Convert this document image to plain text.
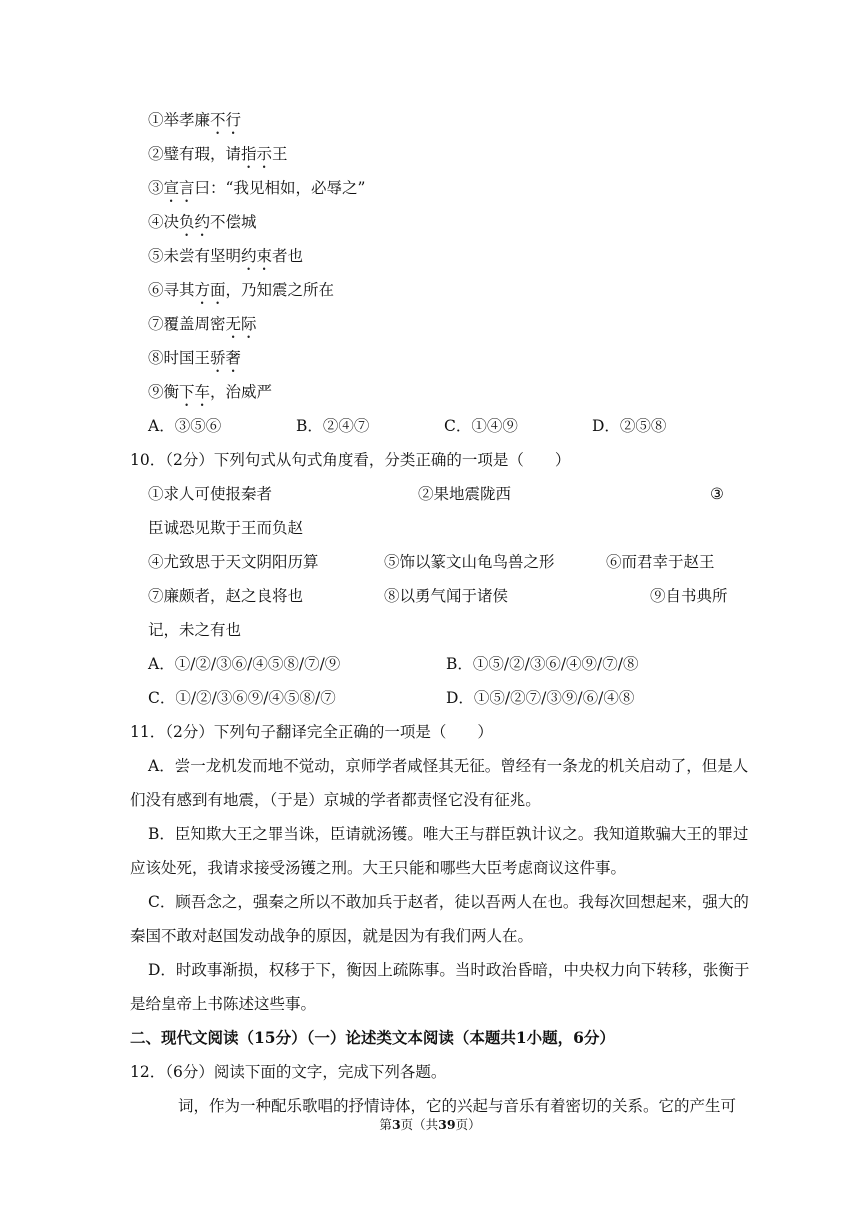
①举孝廉不行
②璧有瑕，请指示王
③宣言曰：“我见相如，必辱之”
④决负约不偿城
⑤未尝有坚明约束者也
⑥寻其方面，乃知震之所在
⑦覆盖周密无际
⑧时国王骄奢
⑨衡下车，治威严
A．③⑤⑥	B．②④⑦	C．①④⑨	D．②⑤⑧
10．（2分）下列句式从句式角度看，分类正确的一项是（　　）
①求人可使报秦者	②果地震陇西	③
臣诚恐见欺于王而负赵
④尤致思于天文阴阳历算	⑤饰以篆文山龟鸟兽之形	⑥而君幸于赵王
⑦廉颇者，赵之良将也	⑧以勇气闻于诸侯	⑨自书典所
记，未之有也
A．①/②/③⑥/④⑤⑧/⑦/⑨	B．①⑤/②/③⑥/④⑨/⑦/⑧
C．①/②/③⑥⑨/④⑤⑧/⑦	D．①⑤/②⑦/③⑨/⑥/④⑧
11．（2分）下列句子翻译完全正确的一项是（　　）
A．尝一龙机发而地不觉动，京师学者咸怪其无征。曾经有一条龙的机关启动了，但是人
们没有感到有地震，（于是）京城的学者都责怪它没有征兆。
B．臣知欺大王之罪当诛，臣请就汤镬。唯大王与群臣孰计议之。我知道欺骗大王的罪过
应该处死，我请求接受汤镬之刑。大王只能和哪些大臣考虑商议这件事。
C．顾吾念之，强秦之所以不敢加兵于赵者，徒以吾两人在也。我每次回想起来，强大的
秦国不敢对赵国发动战争的原因，就是因为有我们两人在。
D．时政事渐损，权移于下，衡因上疏陈事。当时政治昏暗，中央权力向下转移，张衡于
是给皇帝上书陈述这些事。
二、现代文阅读（15分）（一）论述类文本阅读（本题共1小题，6分）
12．（6分）阅读下面的文字，完成下列各题。
词，作为一种配乐歌唱的抒情诗体，它的兴起与音乐有着密切的关系。它的产生可
第3页（共39页）
